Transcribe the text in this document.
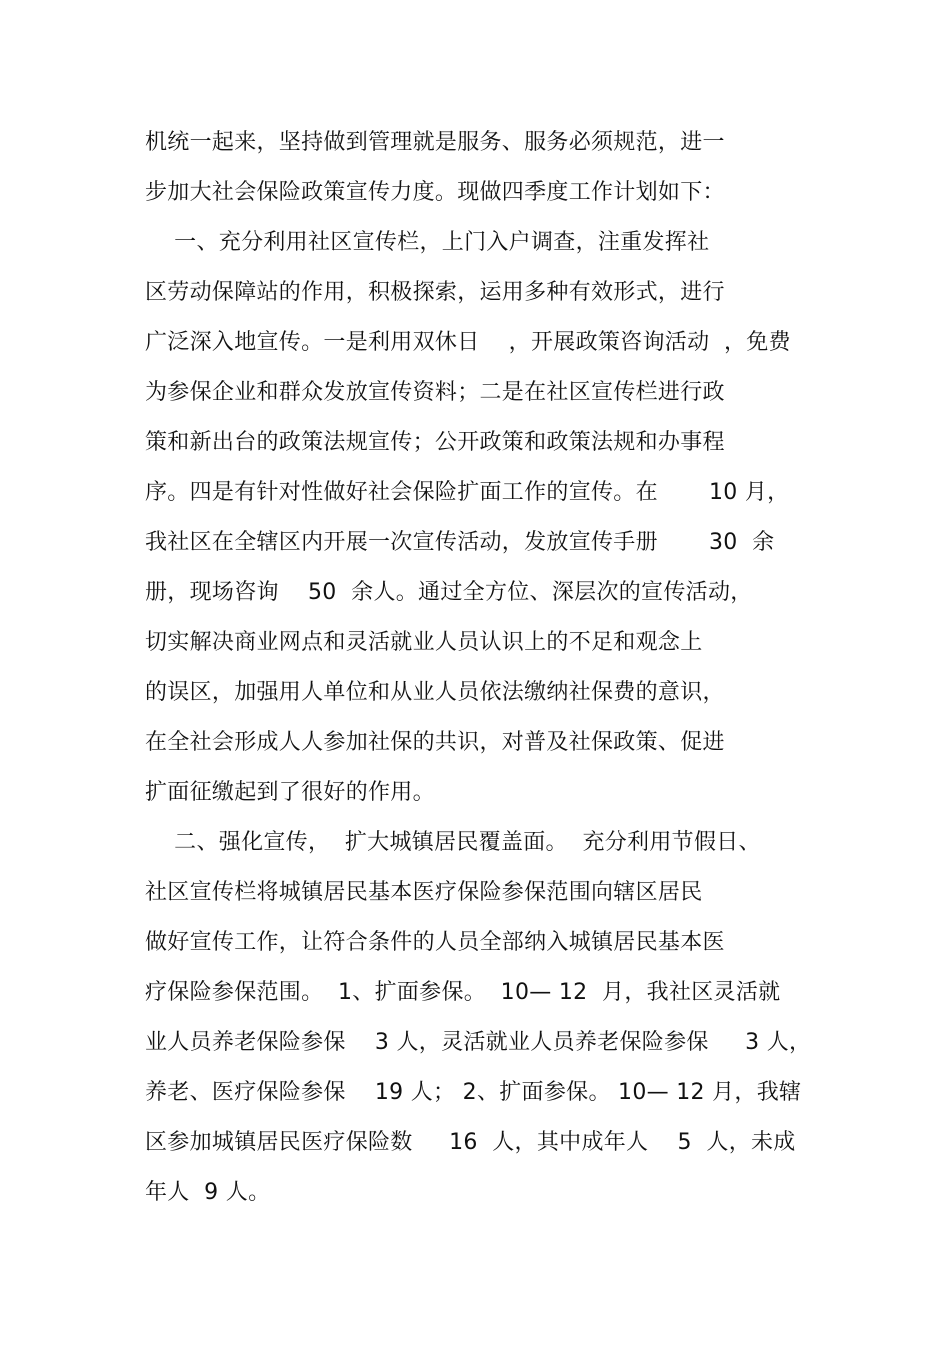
机统一起来，坚持做到管理就是服务、服务必须规范，进一
步加大社会保险政策宣传力度。现做四季度工作计划如下：
一、充分利用社区宣传栏，上门入户调查，注重发挥社
区劳动保障站的作用，积极探索，运用多种有效形式，进行
广泛深入地宣传。一是利用双休日    ，开展政策咨询活动  ，免费
为参保企业和群众发放宣传资料；二是在社区宣传栏进行政
策和新出台的政策法规宣传；公开政策和政策法规和办事程
序。四是有针对性做好社会保险扩面工作的宣传。在       10 月，
我社区在全辖区内开展一次宣传活动，发放宣传手册       30  余
册，现场咨询    50  余人。通过全方位、深层次的宣传活动，
切实解决商业网点和灵活就业人员认识上的不足和观念上
的误区，加强用人单位和从业人员依法缴纳社保费的意识，
在全社会形成人人参加社保的共识，对普及社保政策、促进
扩面征缴起到了很好的作用。
二、强化宣传，  扩大城镇居民覆盖面。  充分利用节假日、
社区宣传栏将城镇居民基本医疗保险参保范围向辖区居民
做好宣传工作，让符合条件的人员全部纳入城镇居民基本医
疗保险参保范围。  1、扩面参保。  10— 12  月，我社区灵活就
业人员养老保险参保    3 人，灵活就业人员养老保险参保     3 人，
养老、医疗保险参保    19 人； 2、扩面参保。 10— 12 月，我辖
区参加城镇居民医疗保险数     16  人，其中成年人    5  人，未成
年人  9 人。
